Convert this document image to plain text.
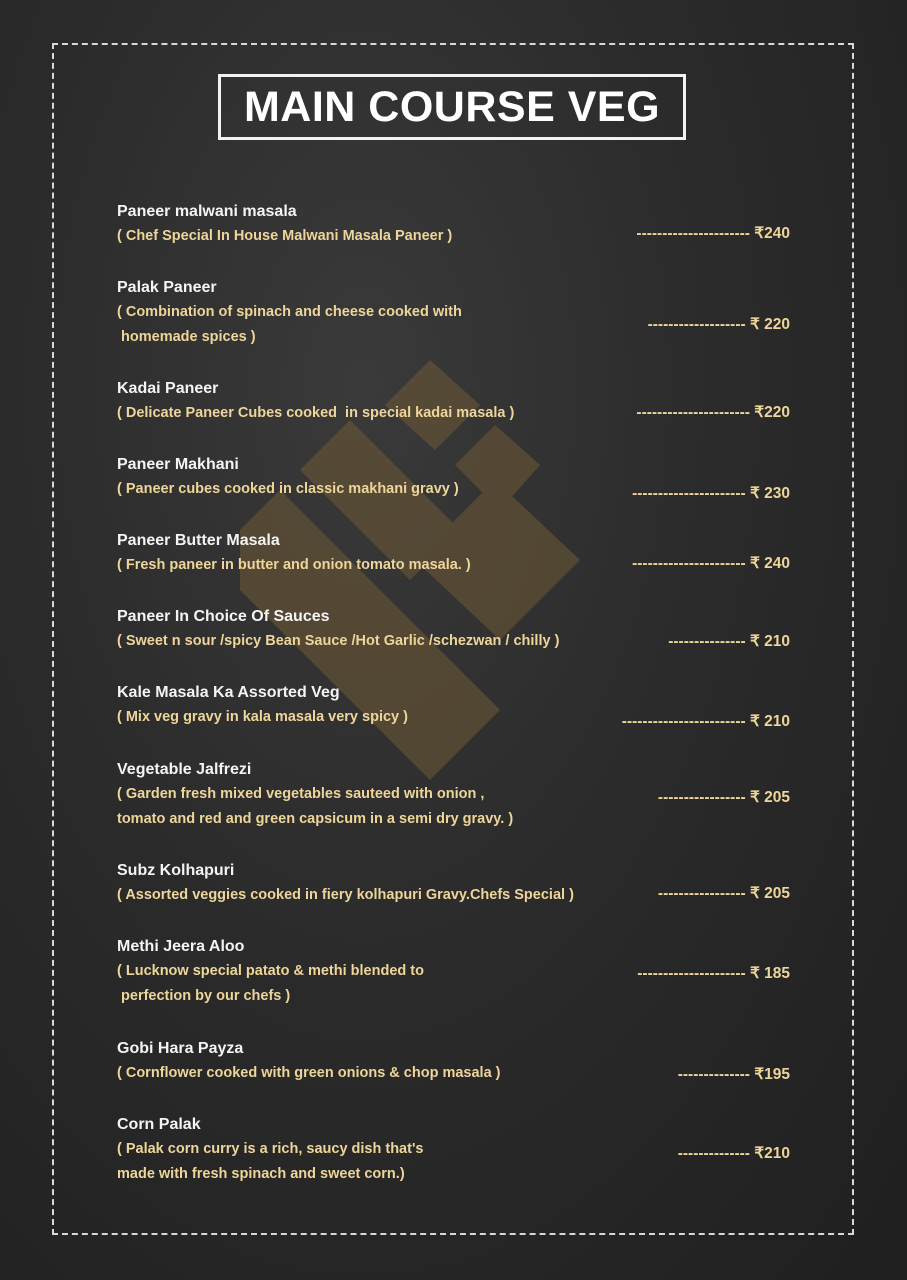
MAIN COURSE VEG
Paneer malwani masala
( Chef Special In House Malwani Masala Paneer )	---------------------- ₹240
Palak Paneer
( Combination of spinach and cheese cooked with
homemade spices )
------------------- ₹ 220
Kadai Paneer
( Delicate Paneer Cubes cooked  in special kadai masala )	---------------------- ₹220
Paneer Makhani
( Paneer cubes cooked in classic makhani gravy )	---------------------- ₹ 230
Paneer Butter Masala
( Fresh paneer in butter and onion tomato masala. )	---------------------- ₹ 240
Paneer In Choice Of Sauces
( Sweet n sour /spicy Bean Sauce /Hot Garlic /schezwan / chilly )	--------------- ₹ 210
Kale Masala Ka Assorted Veg
( Mix veg gravy in kala masala very spicy )	------------------------ ₹ 210
Vegetable Jalfrezi
( Garden fresh mixed vegetables sauteed with onion ,
tomato and red and green capsicum in a semi dry gravy. )
----------------- ₹ 205
Subz Kolhapuri
( Assorted veggies cooked in fiery kolhapuri Gravy.Chefs Special )	----------------- ₹ 205
Methi Jeera Aloo
( Lucknow special patato & methi blended to
perfection by our chefs )
--------------------- ₹ 185
Gobi Hara Payza
( Cornflower cooked with green onions & chop masala )	-------------- ₹195
Corn Palak
( Palak corn curry is a rich, saucy dish that's
made with fresh spinach and sweet corn.)
-------------- ₹210
